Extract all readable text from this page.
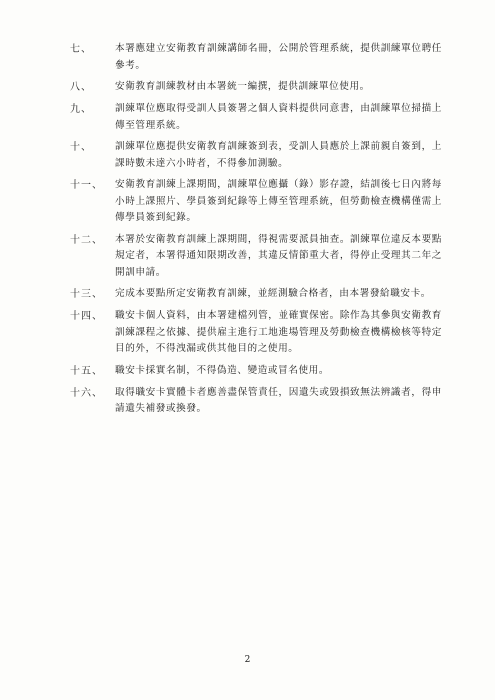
七、	本署應建立安衛教育訓練講師名冊，公開於管理系統，提供訓練單位聘任參考。
八、	安衛教育訓練教材由本署統一編撰，提供訓練單位使用。
九、	訓練單位應取得受訓人員簽署之個人資料提供同意書，由訓練單位掃描上傳至管理系統。
十、	訓練單位應提供安衛教育訓練簽到表，受訓人員應於上課前親自簽到，上課時數未達六小時者，不得參加測驗。
十一、	安衛教育訓練上課期間，訓練單位應攝（錄）影存證，結訓後七日內將每小時上課照片、學員簽到紀錄等上傳至管理系統，但勞動檢查機構僅需上傳學員簽到紀錄。
十二、	本署於安衛教育訓練上課期間，得視需要派員抽查。訓練單位違反本要點規定者，本署得通知限期改善，其違反情節重大者，得停止受理其二年之開訓申請。
十三、	完成本要點所定安衛教育訓練，並經測驗合格者，由本署發給職安卡。
十四、	職安卡個人資料，由本署建檔列管，並確實保密。除作為其參與安衛教育訓練課程之依據、提供雇主進行工地進場管理及勞動檢查機構檢核等特定目的外，不得洩漏或供其他目的之使用。
十五、	職安卡採實名制，不得偽造、變造或冒名使用。
十六、	取得職安卡實體卡者應善盡保管責任，因遺失或毀損致無法辨識者，得申請遺失補發或換發。
2
